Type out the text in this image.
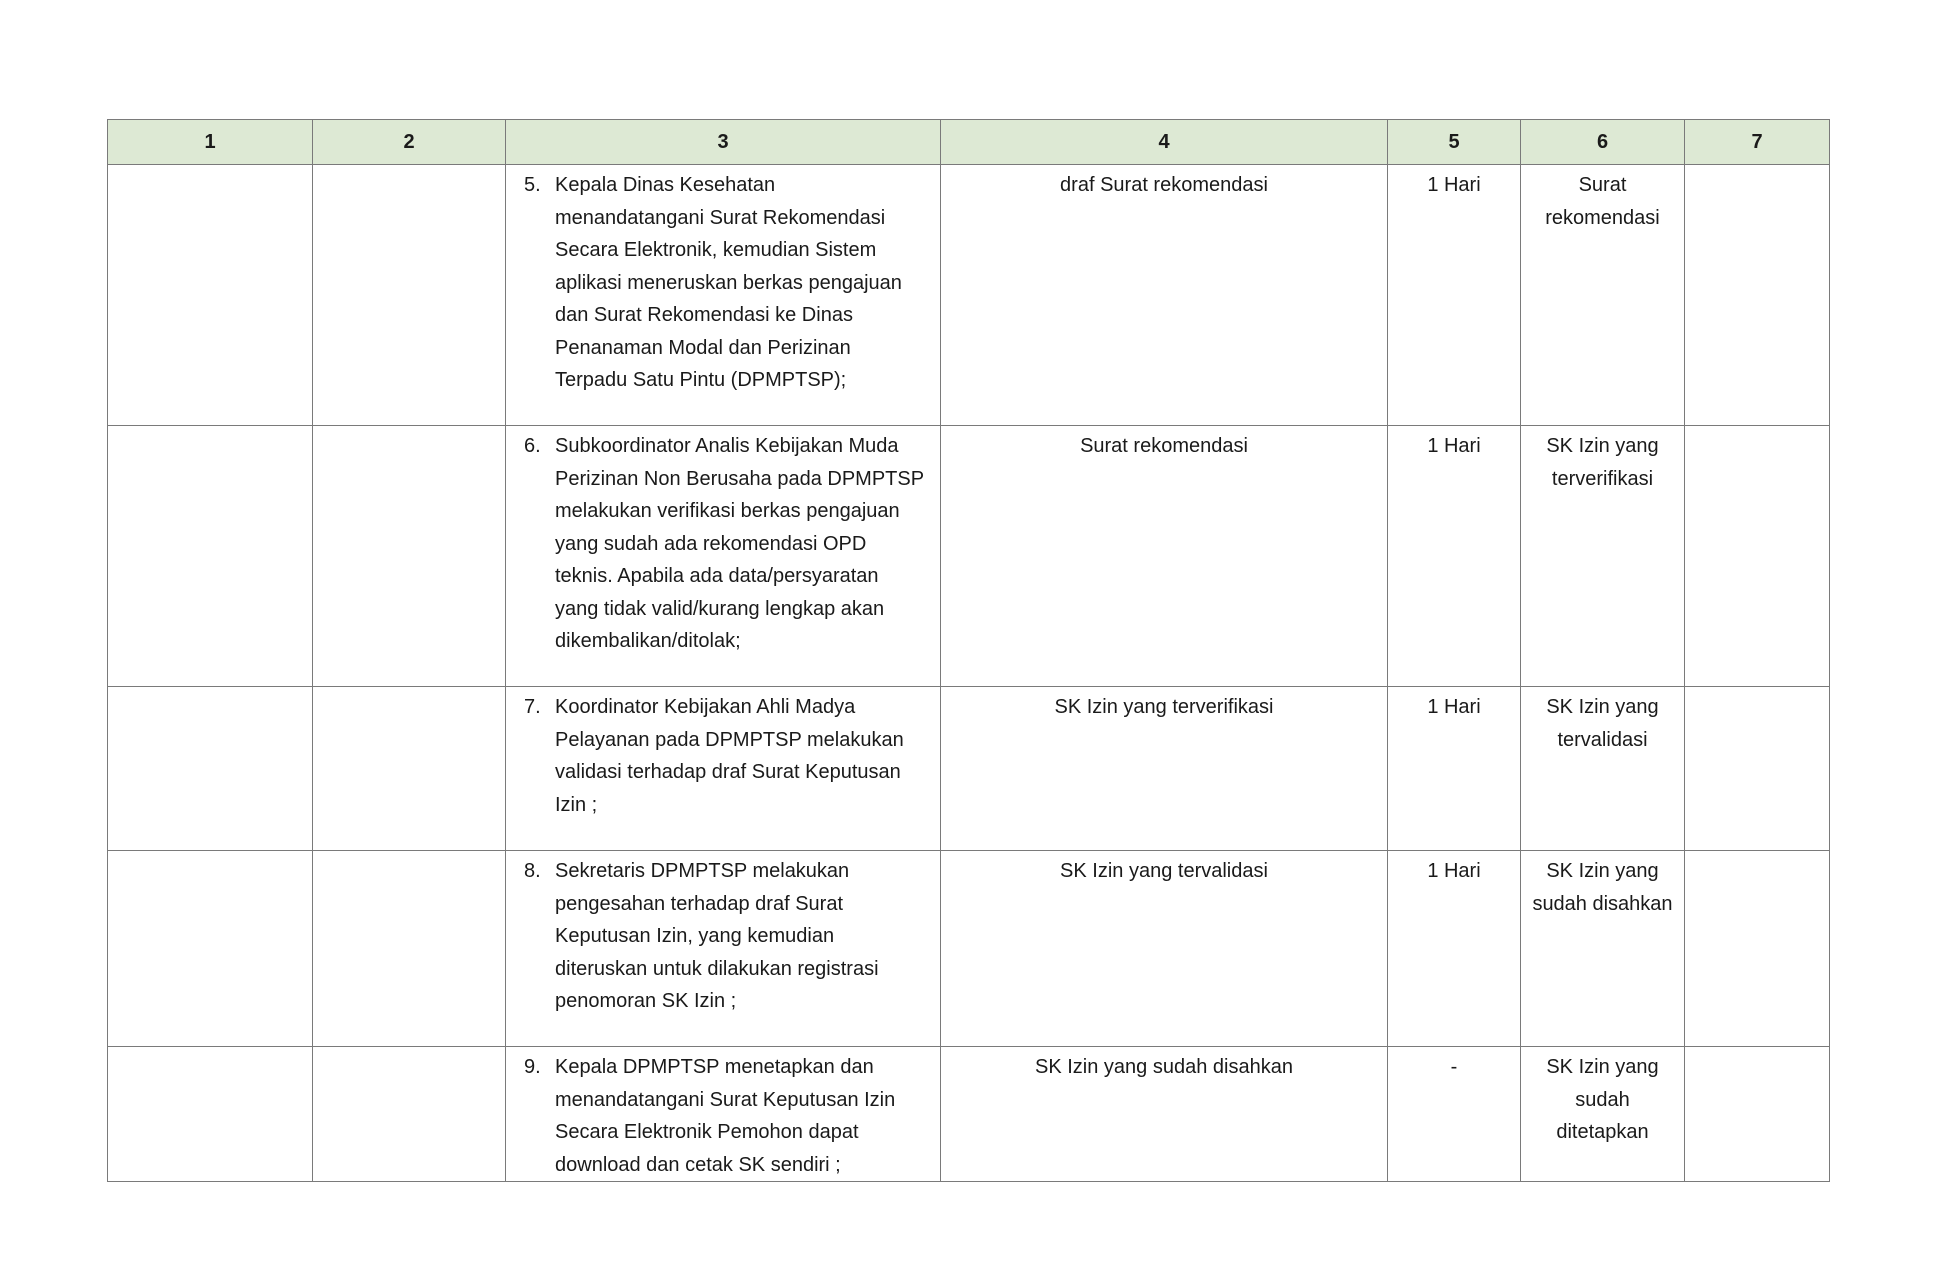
1	2	3	4	5	6	7

		5. Kepala Dinas Kesehatan menandatangani Surat Rekomendasi Secara Elektronik, kemudian Sistem aplikasi meneruskan berkas pengajuan dan Surat Rekomendasi ke Dinas Penanaman Modal dan Perizinan Terpadu Satu Pintu (DPMPTSP);	draf Surat rekomendasi	1 Hari	Surat rekomendasi	

		6. Subkoordinator Analis Kebijakan Muda Perizinan Non Berusaha pada DPMPTSP melakukan verifikasi berkas pengajuan yang sudah ada rekomendasi OPD teknis. Apabila ada data/persyaratan yang tidak valid/kurang lengkap akan dikembalikan/ditolak;	Surat rekomendasi	1 Hari	SK Izin yang terverifikasi	

		7. Koordinator Kebijakan Ahli Madya Pelayanan pada DPMPTSP melakukan validasi terhadap draf Surat Keputusan Izin ;	SK Izin yang terverifikasi	1 Hari	SK Izin yang tervalidasi	

		8. Sekretaris DPMPTSP melakukan pengesahan terhadap draf Surat Keputusan Izin, yang kemudian diteruskan untuk dilakukan registrasi penomoran SK Izin ;	SK Izin yang tervalidasi	1 Hari	SK Izin yang sudah disahkan	

		9. Kepala DPMPTSP menetapkan dan menandatangani Surat Keputusan Izin Secara Elektronik Pemohon dapat download dan cetak SK sendiri ;	SK Izin yang sudah disahkan	-	SK Izin yang sudah ditetapkan	
